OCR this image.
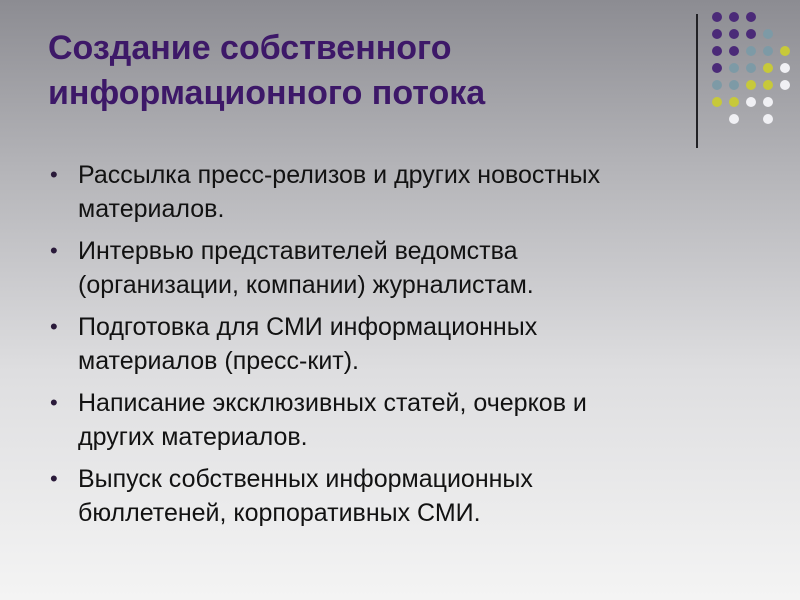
Создание собственного
информационного потока
• Рассылка пресс-релизов и других новостных
материалов.
• Интервью представителей ведомства
(организации, компании) журналистам.
• Подготовка для СМИ информационных
материалов (пресс-кит).
• Написание эксклюзивных статей, очерков и
других материалов.
• Выпуск собственных информационных
бюллетеней, корпоративных СМИ.
